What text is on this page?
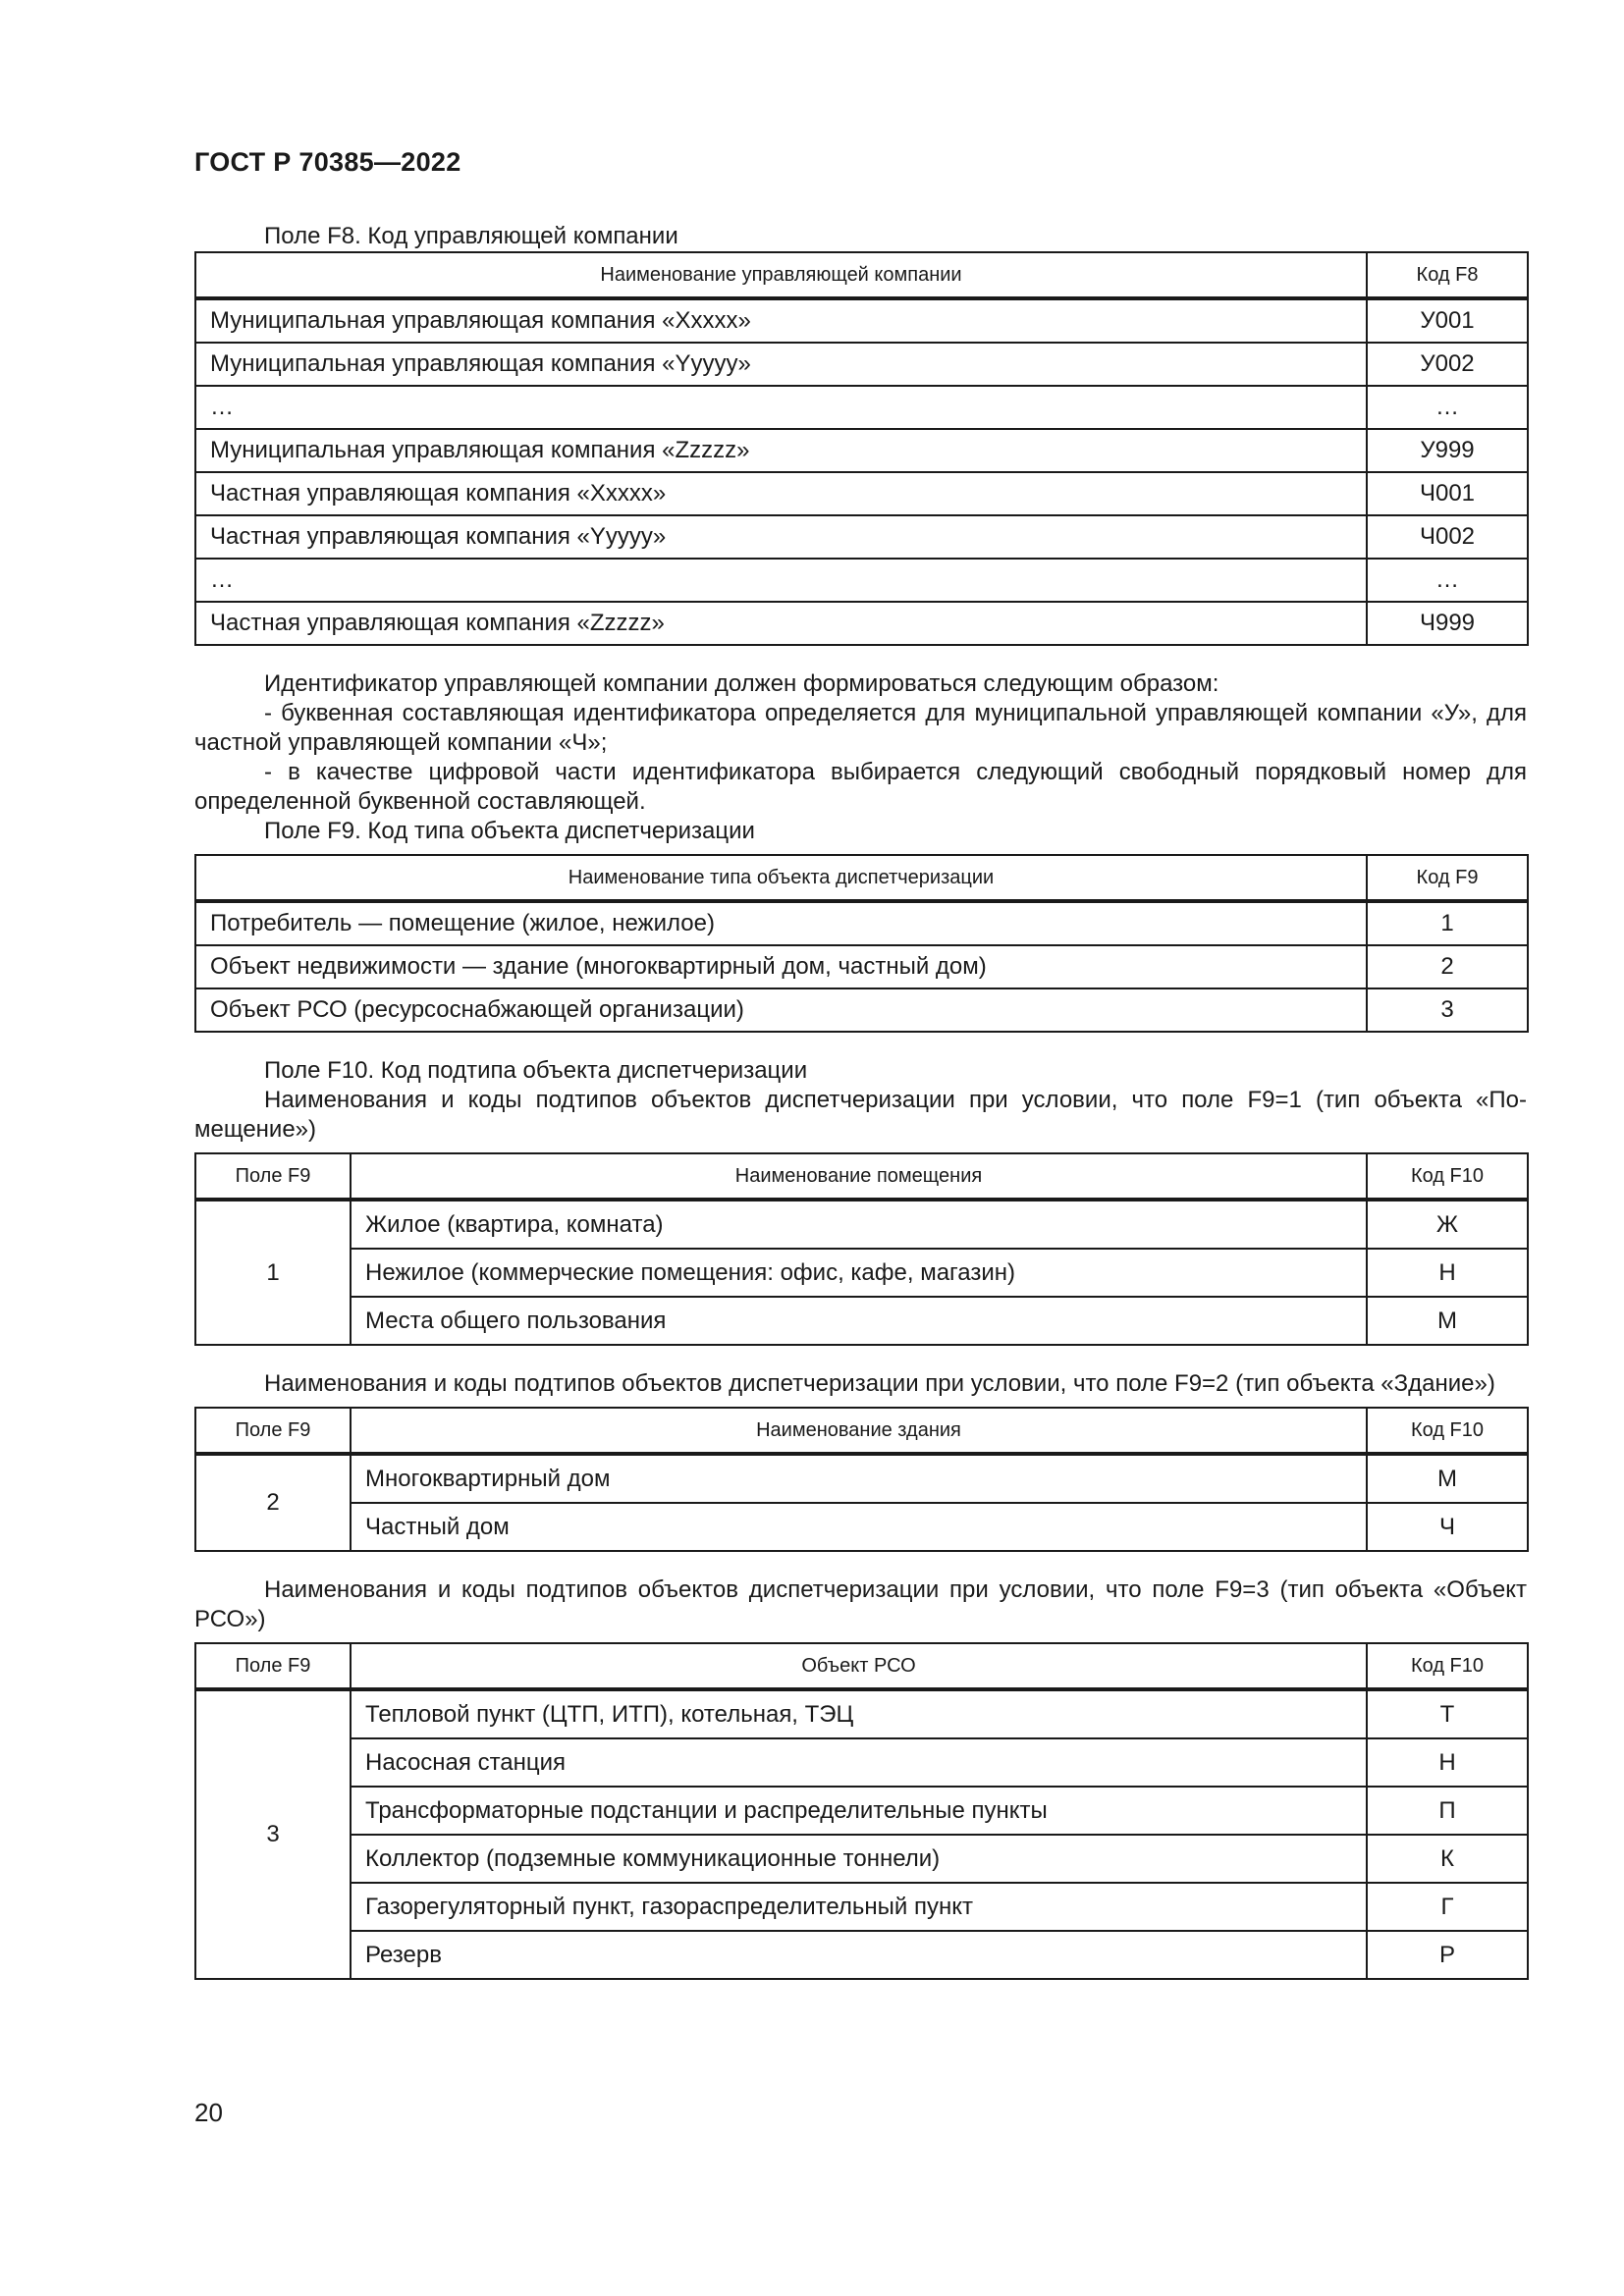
ГОСТ Р 70385—2022

Поле F8. Код управляющей компании

Наименование управляющей компании	Код F8
Муниципальная управляющая компания «Xxxxx»	У001
Муниципальная управляющая компания «Yyyyy»	У002
…	…
Муниципальная управляющая компания «Zzzzz»	У999
Частная управляющая компания «Xxxxx»	Ч001
Частная управляющая компания «Yyyyy»	Ч002
…	…
Частная управляющая компания «Zzzzz»	Ч999

Идентификатор управляющей компании должен формироваться следующим образом:

- буквенная составляющая идентификатора определяется для муниципальной управляющей компании «У», для частной управляющей компании «Ч»;

- в качестве цифровой части идентификатора выбирается следующий свободный порядковый номер для определенной буквенной составляющей.

Поле F9. Код типа объекта диспетчеризации

Наименование типа объекта диспетчеризации	Код F9
Потребитель — помещение (жилое, нежилое)	1
Объект недвижимости — здание (многоквартирный дом, частный дом)	2
Объект РСО (ресурсоснабжающей организации)	3

Поле F10. Код подтипа объекта диспетчеризации

Наименования и коды подтипов объектов диспетчеризации при условии, что поле F9=1 (тип объекта «Помещение»)

Поле F9	Наименование помещения	Код F10
1	Жилое (квартира, комната)	Ж
	Нежилое (коммерческие помещения: офис, кафе, магазин)	Н
	Места общего пользования	М

Наименования и коды подтипов объектов диспетчеризации при условии, что поле F9=2 (тип объекта «Здание»)

Поле F9	Наименование здания	Код F10
2	Многоквартирный дом	М
	Частный дом	Ч

Наименования и коды подтипов объектов диспетчеризации при условии, что поле F9=3 (тип объекта «Объект РСО»)

Поле F9	Объект РСО	Код F10
3	Тепловой пункт (ЦТП, ИТП), котельная, ТЭЦ	Т
	Насосная станция	Н
	Трансформаторные подстанции и распределительные пункты	П
	Коллектор (подземные коммуникационные тоннели)	К
	Газорегуляторный пункт, газораспределительный пункт	Г
	Резерв	Р
20
